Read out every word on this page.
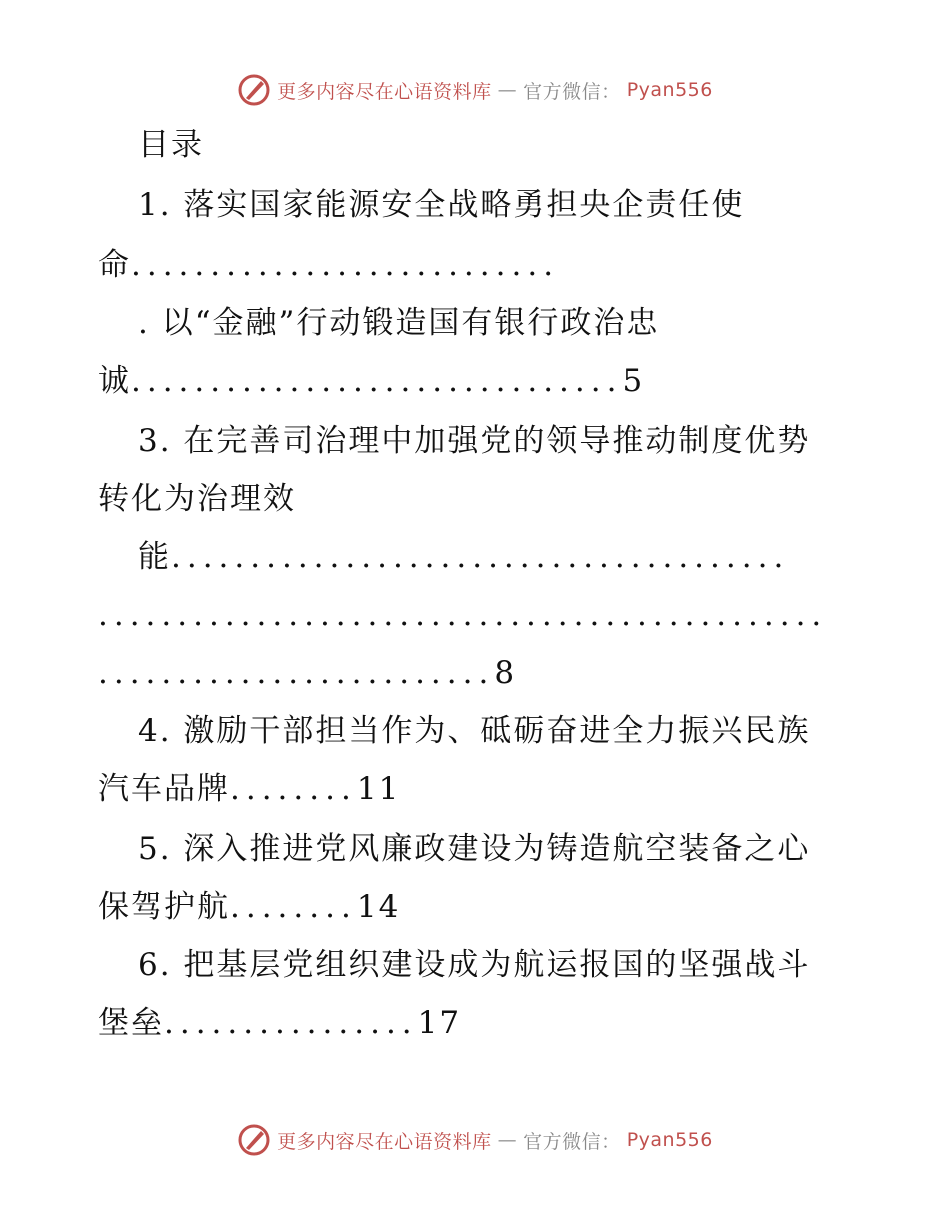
更多内容尽在心语资料库 — 官方微信： Pyan556
目录
1. 落实国家能源安全战略勇担央企责任使
命...........................
. 以“金融”行动锻造国有银行政治忠
诚...............................5
3. 在完善司治理中加强党的领导推动制度优势
转化为治理效
能.......................................
..............................................
.........................8
4. 激励干部担当作为、砥砺奋进全力振兴民族
汽车品牌........11
5. 深入推进党风廉政建设为铸造航空装备之心
保驾护航........14
6. 把基层党组织建设成为航运报国的坚强战斗
堡垒................17
更多内容尽在心语资料库 — 官方微信： Pyan556
